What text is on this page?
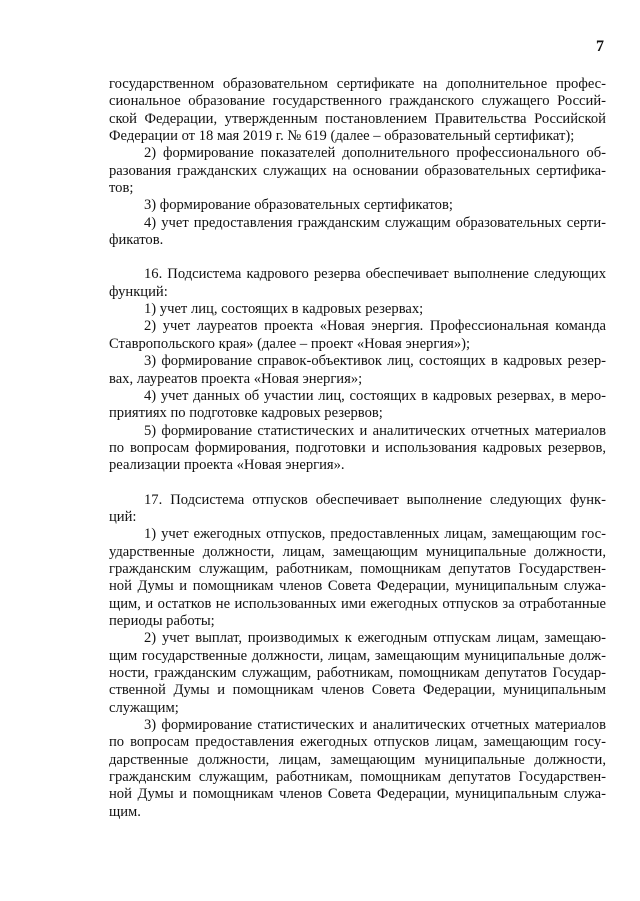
7
государственном образовательном сертификате на дополнительное профес-
сиональное образование государственного гражданского служащего Россий-
ской Федерации, утвержденным постановлением Правительства Российской
Федерации от 18 мая 2019 г. № 619 (далее – образовательный сертификат);
2) формирование показателей дополнительного профессионального об-
разования гражданских служащих на основании образовательных сертифика-
тов;
3) формирование образовательных сертификатов;
4) учет предоставления гражданским служащим образовательных серти-
фикатов.
16. Подсистема кадрового резерва обеспечивает выполнение следующих
функций:
1) учет лиц, состоящих в кадровых резервах;
2) учет лауреатов проекта «Новая энергия. Профессиональная команда
Ставропольского края» (далее – проект «Новая энергия»);
3) формирование справок-объективок лиц, состоящих в кадровых резер-
вах, лауреатов проекта «Новая энергия»;
4) учет данных об участии лиц, состоящих в кадровых резервах, в меро-
приятиях по подготовке кадровых резервов;
5) формирование статистических и аналитических отчетных материалов
по вопросам формирования, подготовки и использования кадровых резервов,
реализации проекта «Новая энергия».
17. Подсистема отпусков обеспечивает выполнение следующих функ-
ций:
1) учет ежегодных отпусков, предоставленных лицам, замещающим гос-
ударственные должности, лицам, замещающим муниципальные должности,
гражданским служащим, работникам, помощникам депутатов Государствен-
ной Думы и помощникам членов Совета Федерации, муниципальным служа-
щим, и остатков не использованных ими ежегодных отпусков за отработанные
периоды работы;
2) учет выплат, производимых к ежегодным отпускам лицам, замещаю-
щим государственные должности, лицам, замещающим муниципальные долж-
ности, гражданским служащим, работникам, помощникам депутатов Государ-
ственной Думы и помощникам членов Совета Федерации, муниципальным
служащим;
3) формирование статистических и аналитических отчетных материалов
по вопросам предоставления ежегодных отпусков лицам, замещающим госу-
дарственные должности, лицам, замещающим муниципальные должности,
гражданским служащим, работникам, помощникам депутатов Государствен-
ной Думы и помощникам членов Совета Федерации, муниципальным служа-
щим.
